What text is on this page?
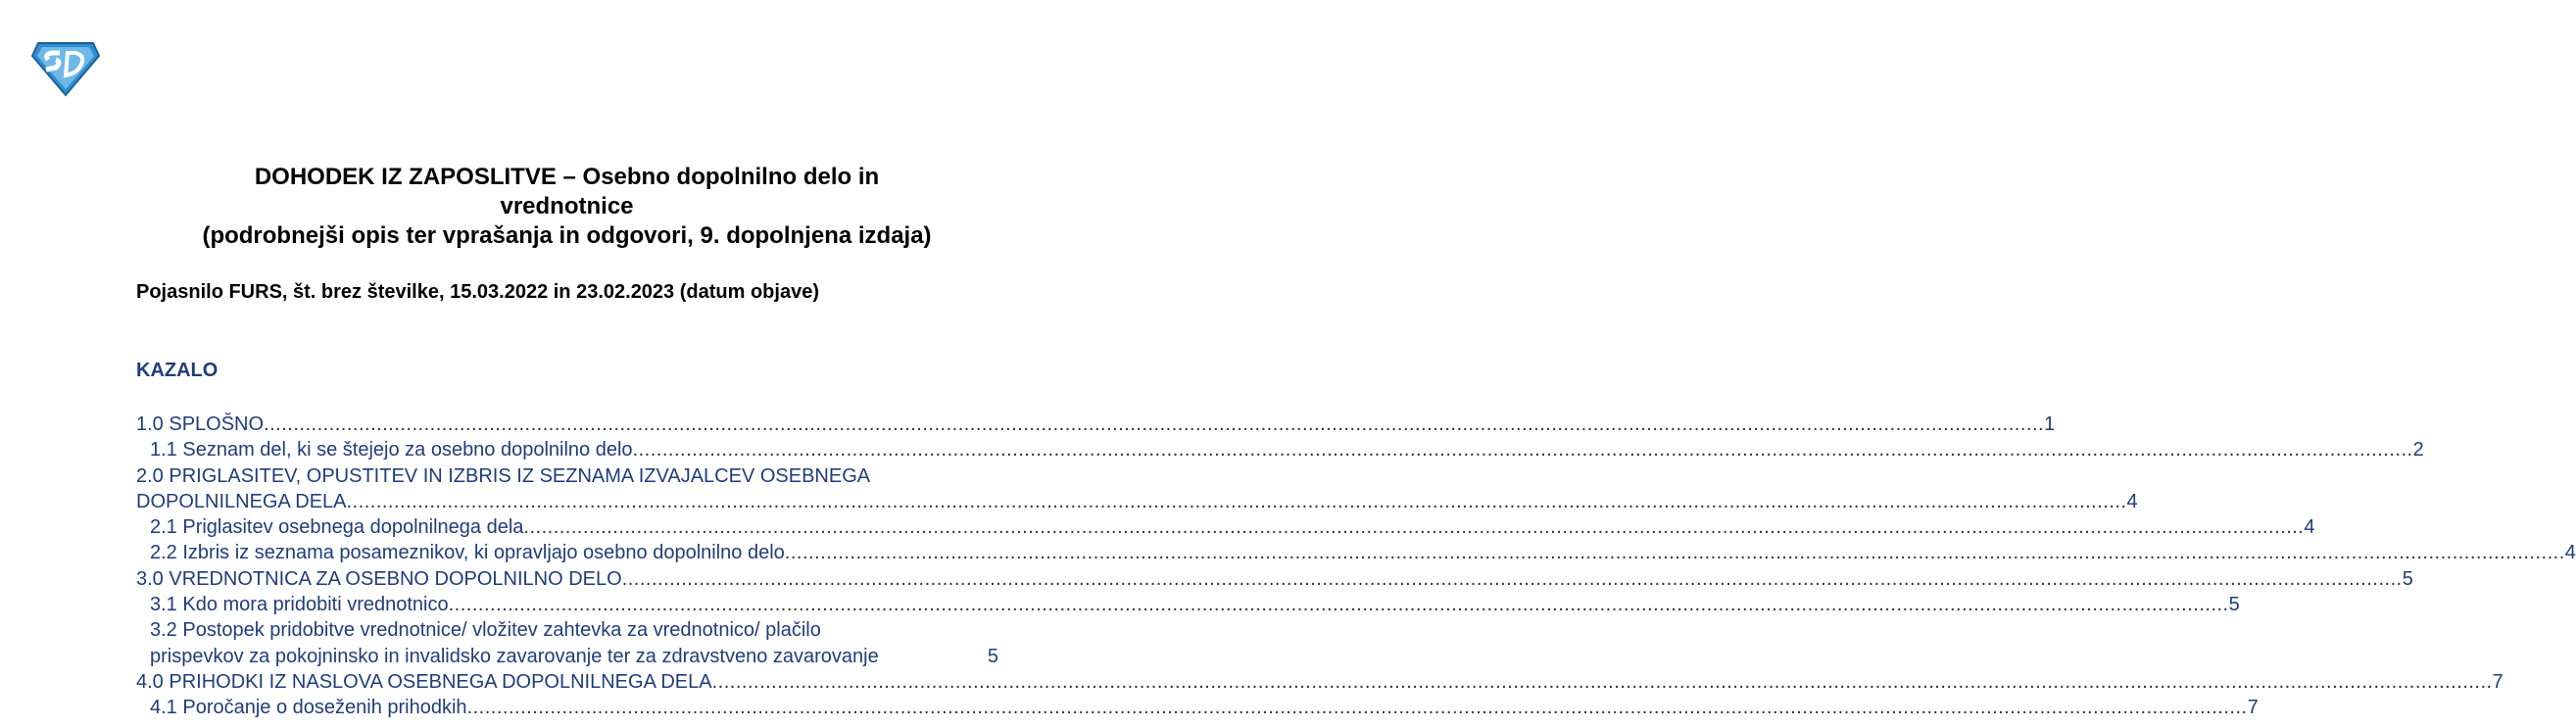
DOHODEK IZ ZAPOSLITVE – Osebno dopolnilno delo in
vrednotnice
(podrobnejši opis ter vprašanja in odgovori, 9. dopolnjena izdaja)
Pojasnilo FURS, št. brez številke, 15.03.2022 in 23.02.2023 (datum objave)
KAZALO
1.0 SPLOŠNO ............................................................................................................................................................................................................................................................................................................ 1
1.1 Seznam del, ki se štejejo za osebno dopolnilno delo ............................................................................................................................................................................................................................................................................................................ 2
2.0 PRIGLASITEV, OPUSTITEV IN IZBRIS IZ SEZNAMA IZVAJALCEV OSEBNEGA
DOPOLNILNEGA DELA ............................................................................................................................................................................................................................................................................................................ 4
2.1 Priglasitev osebnega dopolnilnega dela ............................................................................................................................................................................................................................................................................................................ 4
2.2 Izbris iz seznama posameznikov, ki opravljajo osebno dopolnilno delo ............................................................................................................................................................................................................................................................................................................ 4
3.0 VREDNOTNICA ZA OSEBNO DOPOLNILNO DELO ............................................................................................................................................................................................................................................................................................................ 5
3.1 Kdo mora pridobiti vrednotnico ............................................................................................................................................................................................................................................................................................................ 5
3.2 Postopek pridobitve vrednotnice/ vložitev zahtevka za vrednotnico/ plačilo
prispevkov za pokojninsko in invalidsko zavarovanje ter za zdravstveno zavarovanje	5
4.0 PRIHODKI IZ NASLOVA OSEBNEGA DOPOLNILNEGA DELA ............................................................................................................................................................................................................................................................................................................ 7
4.1 Poročanje o doseženih prihodkih ............................................................................................................................................................................................................................................................................................................ 7
